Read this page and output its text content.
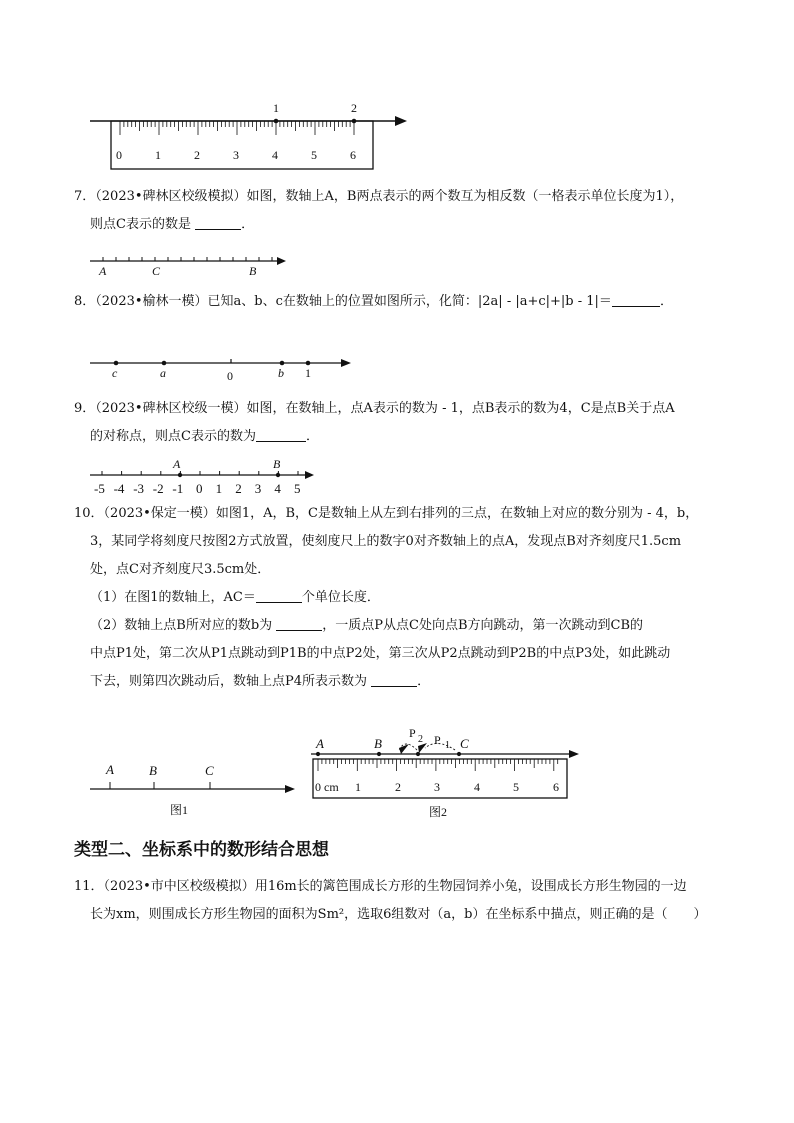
1	2
0	1	2	3	4	5	6
7．（2023•碑林区校级模拟）如图，数轴上A，B两点表示的两个数互为相反数（一格表示单位长度为1），
则点C表示的数是	．
A	C	B
8．（2023•榆林一模）已知a、b、c在数轴上的位置如图所示，化简：|2a| - |a+c|+|b - 1|＝	．
c	a	0	b 1
9．（2023•碑林区校级一模）如图，在数轴上，点A表示的数为 - 1，点B表示的数为4，C是点B关于点A
的对称点，则点C表示的数为	．
A	B
-5 -4 -3 -2 -1 0 1 2 3 4 5
10．（2023•保定一模）如图1，A，B，C是数轴上从左到右排列的三点，在数轴上对应的数分别为 - 4，b，
3，某同学将刻度尺按图2方式放置，使刻度尺上的数字0对齐数轴上的点A，发现点B对齐刻度尺1.5cm
处，点C对齐刻度尺3.5cm处．
（1）在图1的数轴上，AC＝	个单位长度．
（2）数轴上点B所对应的数b为	，一质点P从点C处向点B方向跳动，第一次跳动到CB的
中点P1处，第二次从P1点跳动到P1B的中点P2处，第三次从P2点跳动到P2B的中点P3处，如此跳动
下去，则第四次跳动后，数轴上点P4所表示数为	．
A	B	C
图1
A	B
P 2 P 1 C
0 cm 1	2	3	4	5	6
图2
类型二、坐标系中的数形结合思想
11．（2023•市中区校级模拟）用16m长的篱笆围成长方形的生物园饲养小兔，设围成长方形生物园的一边
长为xm，则围成长方形生物园的面积为Sm²，选取6组数对（a，b）在坐标系中描点，则正确的是（　　）
